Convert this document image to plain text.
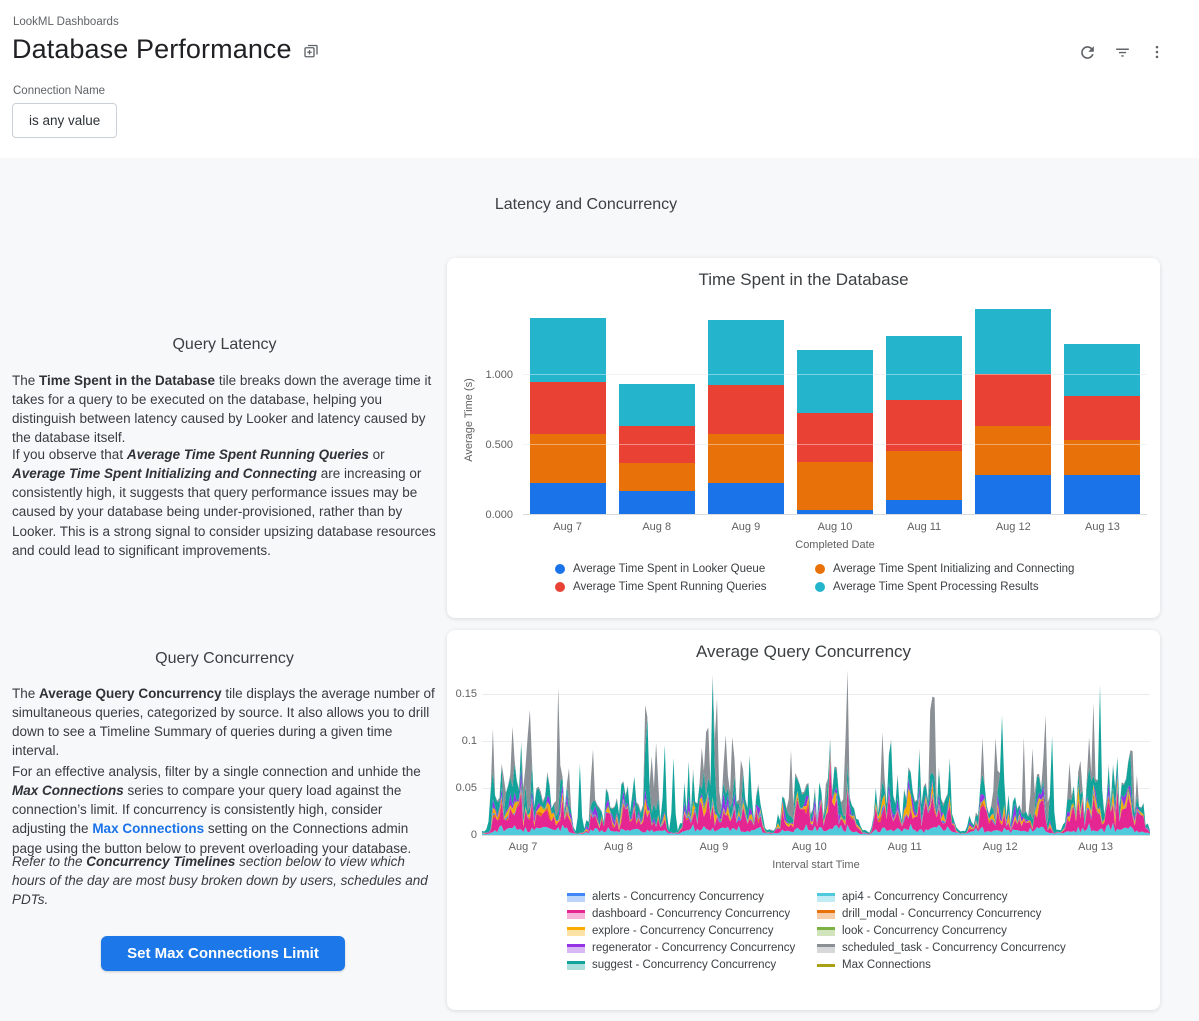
LookML Dashboards
Database Performance
Connection Name
is any value
Latency and Concurrency
Query Latency

The Time Spent in the Database tile breaks down the average time it takes for a query to be executed on the database, helping you distinguish between latency caused by Looker and latency caused by the database itself.

If you observe that Average Time Spent Running Queries or Average Time Spent Initializing and Connecting are increasing or consistently high, it suggests that query performance issues may be caused by your database being under-provisioned, rather than by Looker. This is a strong signal to consider upsizing database resources and could lead to significant improvements.

Query Concurrency

The Average Query Concurrency tile displays the average number of simultaneous queries, categorized by source. It also allows you to drill down to see a Timeline Summary of queries during a given time interval.

For an effective analysis, filter by a single connection and unhide the Max Connections series to compare your query load against the connection’s limit. If concurrency is consistently high, consider adjusting the Max Connections setting on the Connections admin page using the button below to prevent overloading your database.

Refer to the Concurrency Timelines section below to view which hours of the day are most busy broken down by users, schedules and PDTs.

Set Max Connections Limit
Time Spent in the Database
Average Time (s)
0.000
0.500
1.000
Aug 7	Aug 8	Aug 9	Aug 10	Aug 11	Aug 12	Aug 13
Completed Date
Average Time Spent in Looker Queue
Average Time Spent Running Queries
Average Time Spent Initializing and Connecting
Average Time Spent Processing Results
Average Query Concurrency
0
0.05
0.1
0.15
Aug 7	Aug 8	Aug 9	Aug 10	Aug 11	Aug 12	Aug 13
Interval start Time
alerts - Concurrency Concurrency
dashboard - Concurrency Concurrency
explore - Concurrency Concurrency
regenerator - Concurrency Concurrency
suggest - Concurrency Concurrency
api4 - Concurrency Concurrency
drill_modal - Concurrency Concurrency
look - Concurrency Concurrency
scheduled_task - Concurrency Concurrency
Max Connections
